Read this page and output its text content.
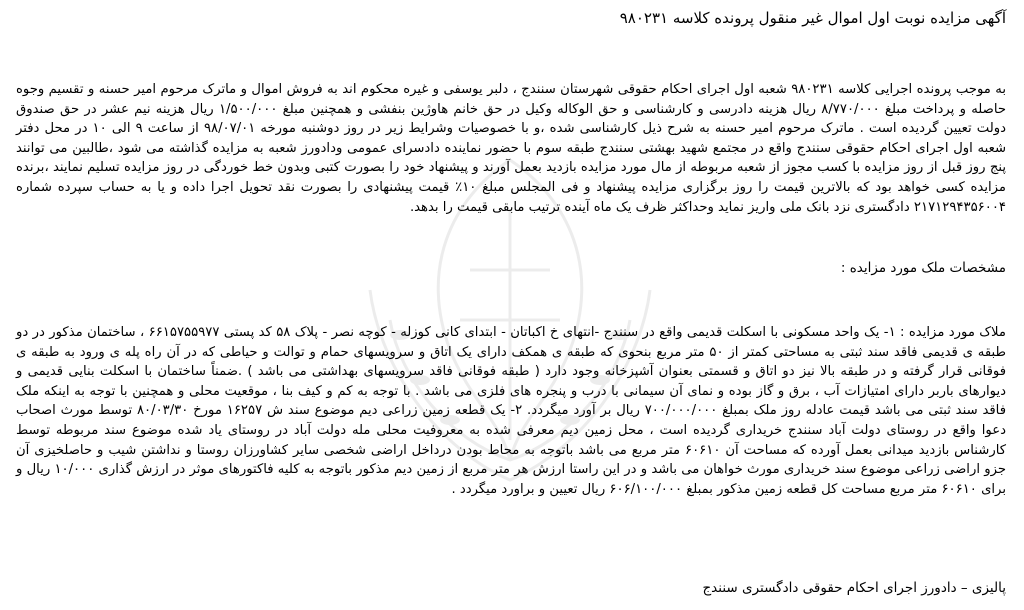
آگهی مزایده نوبت اول اموال غیر منقول پرونده کلاسه ۹۸۰۲۳۱

به موجب پرونده اجرایی کلاسه ۹۸۰۲۳۱ شعبه اول اجرای احکام حقوقی شهرستان سنندج ، دلبر یوسفی و غیره محکوم اند به فروش اموال و ماترک مرحوم امیر حسنه و تقسیم وجوه حاصله و پرداخت مبلغ ۸/۷۷۰/۰۰۰ ریال هزینه دادرسی و کارشناسی و حق الوکاله وکیل در حق خانم هاوژین بنفشی و همچنین مبلغ ۱/۵۰۰/۰۰۰ ریال هزینه نیم عشر در حق صندوق دولت تعیین گردیده است . ماترک مرحوم امیر حسنه به شرح ذیل کارشناسی شده ،و با خصوصیات وشرایط زیر در روز دوشنبه مورخه ۹۸/۰۷/۰۱ از ساعت ۹ الی ۱۰ در محل دفتر شعبه اول اجرای احکام حقوقی سنندج واقع در مجتمع شهید بهشتی سنندج طبقه سوم با حضور نماینده دادسرای عمومی ودادورز شعبه به مزایده گذاشته می شود ،طالبین می توانند پنج روز قبل از روز مزایده با کسب مجوز از شعبه مربوطه از مال مورد مزایده بازدید بعمل آورند و پیشنهاد خود را بصورت کتبی وبدون خط خوردگی در روز مزایده تسلیم نمایند ،برنده مزایده کسی خواهد بود که بالاترین قیمت را روز برگزاری مزایده پیشنهاد و فی المجلس مبلغ ۱۰٪ قیمت پیشنهادی را بصورت نقد تحویل اجرا داده و یا به حساب سپرده شماره ۲۱۷۱۲۹۴۳۵۶۰۰۴ دادگستری نزد بانک ملی واریز نماید وحداکثر ظرف یک ماه آینده ترتیب مابقی قیمت را بدهد.

مشخصات ملک مورد مزایده :

ملاک مورد مزایده : ۱- یک واحد مسکونی با اسکلت قدیمی واقع در سنندج -انتهای خ اکباتان - ابتدای کانی کوزله - کوچه نصر - پلاک ۵۸ کد پستی ۶۶۱۵۷۵۵۹۷۷ ، ساختمان مذکور در دو طبقه ی قدیمی فاقد سند ثبتی به مساحتی کمتر از ۵۰ متر مربع بنحوی که طبقه ی همکف دارای یک اتاق و سرویسهای حمام و توالت و حیاطی که در آن راه پله ی ورود به طبقه ی فوقانی قرار گرفته و در طبقه بالا نیز دو اتاق و قسمتی بعنوان آشپزخانه وجود دارد ( طبقه فوقانی فاقد سرویسهای بهداشتی می باشد ) .ضمناً ساختمان با اسکلت بنایی قدیمی و دیوارهای باربر دارای امتیازات آب ، برق و گاز بوده و نمای آن سیمانی با درب و پنجره های فلزی می باشد . با توجه به کم و کیف بنا ، موقعیت محلی و همچنین با توجه به اینکه ملک فاقد سند ثبتی می باشد قیمت عادله روز ملک بمبلغ ۷۰۰/۰۰۰/۰۰۰ ریال بر آورد میگردد. ۲- یک قطعه زمین زراعی دیم موضوع سند ش ۱۶۲۵۷ مورخ ۸۰/۰۳/۳۰ توسط مورث اصحاب دعوا واقع در روستای دولت آباد سنندج خریداری گردیده است ، محل زمین دیم معرفی شده به معروفیت محلی مله دولت آباد در روستای یاد شده موضوع سند مربوطه توسط کارشناس بازدید میدانی بعمل آورده که مساحت آن ۶۰۶۱۰ متر مربع می باشد باتوجه به محاط بودن درداخل اراضی شخصی سایر کشاورزان روستا و نداشتن شیب و حاصلخیزی آن جزو اراضی زراعی موضوع سند خریداری مورث خواهان می باشد و در این راستا ارزش هر متر مربع از زمین دیم مذکور باتوجه به کلیه فاکتورهای موثر در ارزش گذاری ۱۰/۰۰۰ ریال و برای ۶۰۶۱۰ متر مربع مساحت کل قطعه زمین مذکور بمبلغ ۶۰۶/۱۰۰/۰۰۰ ریال تعیین و براورد میگردد .

پالیزی – دادورز اجرای احکام حقوقی دادگستری سنندج
